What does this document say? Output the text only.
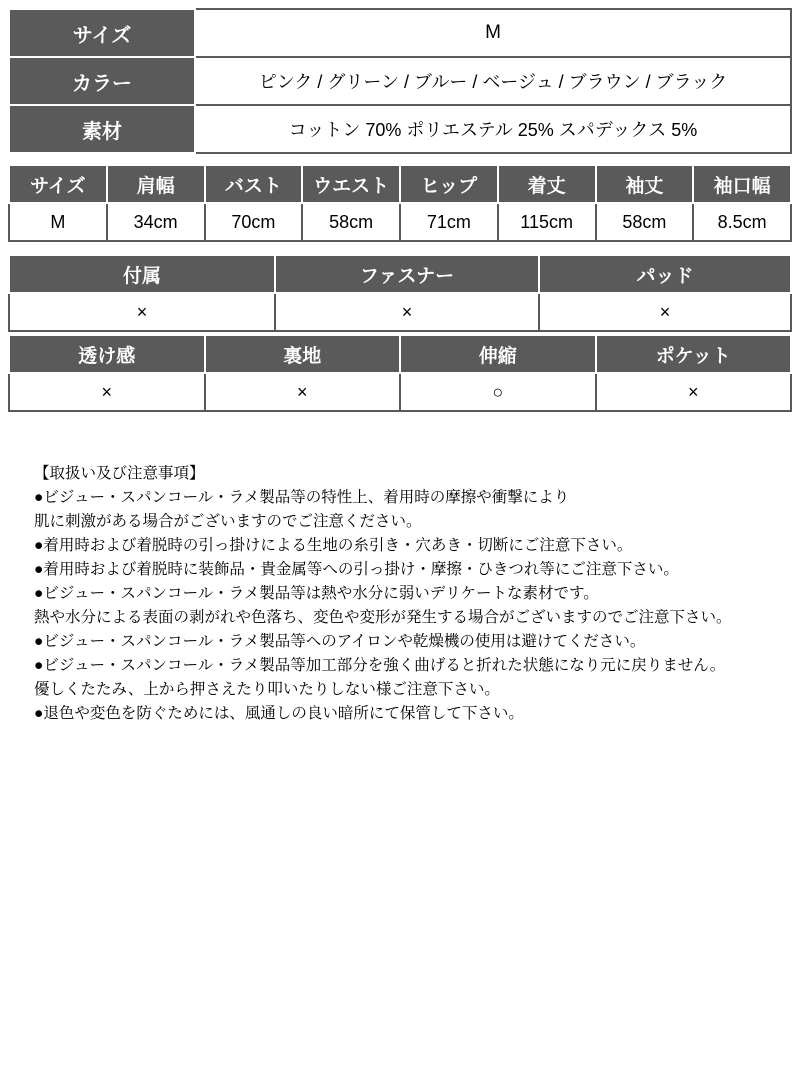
サイズ	M
カラー	ピンク / グリーン / ブルー / ベージュ / ブラウン / ブラック
素材	コットン 70% ポリエステル 25% スパデックス 5%
サイズ	肩幅	バスト	ウエスト	ヒップ	着丈	袖丈	袖口幅
M	34cm	70cm	58cm	71cm	115cm	58cm	8.5cm
付属	ファスナー	パッド
×	×	×
透け感	裏地	伸縮	ポケット
×	×	○	×
【取扱い及び注意事項】
●ビジュー・スパンコール・ラメ製品等の特性上、着用時の摩擦や衝撃により
肌に刺激がある場合がございますのでご注意ください。
●着用時および着脱時の引っ掛けによる生地の糸引き・穴あき・切断にご注意下さい。
●着用時および着脱時に装飾品・貴金属等への引っ掛け・摩擦・ひきつれ等にご注意下さい。
●ビジュー・スパンコール・ラメ製品等は熱や水分に弱いデリケートな素材です。
熱や水分による表面の剥がれや色落ち、変色や変形が発生する場合がございますのでご注意下さい。
●ビジュー・スパンコール・ラメ製品等へのアイロンや乾燥機の使用は避けてください。
●ビジュー・スパンコール・ラメ製品等加工部分を強く曲げると折れた状態になり元に戻りません。
優しくたたみ、上から押さえたり叩いたりしない様ご注意下さい。
●退色や変色を防ぐためには、風通しの良い暗所にて保管して下さい。
